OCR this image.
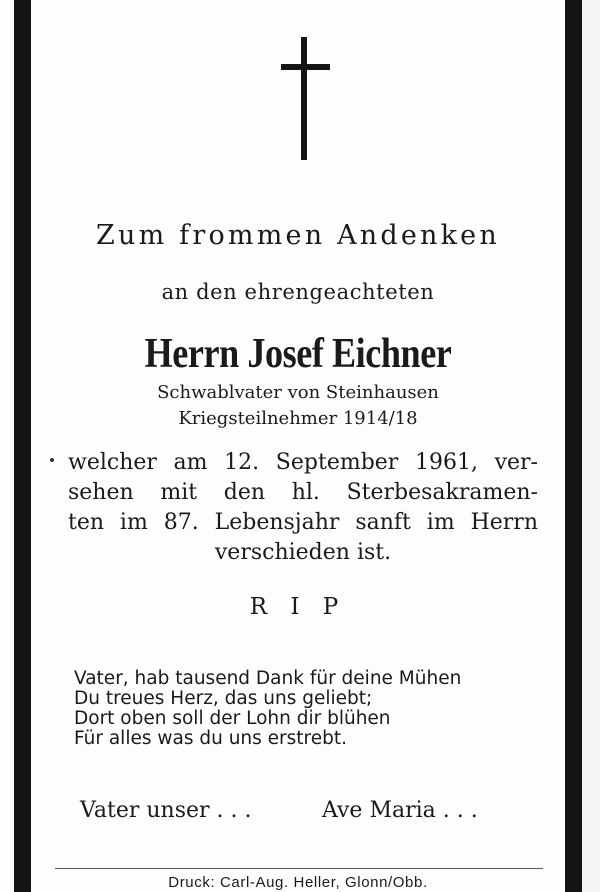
Zum frommen Andenken
an den ehrengeachteten
Herrn Josef Eichner
Schwablvater von Steinhausen
Kriegsteilnehmer 1914/18
welcher am 12. September 1961, ver-
sehen mit den hl. Sterbesakramen-
ten im 87. Lebensjahr sanft im Herrn
verschieden ist.
R I P
Vater, hab tausend Dank für deine Mühen
Du treues Herz, das uns geliebt;
Dort oben soll der Lohn dir blühen
Für alles was du uns erstrebt.
Vater unser . . .	Ave Maria . . .
Druck: Carl-Aug. Heller, Glonn/Obb.
